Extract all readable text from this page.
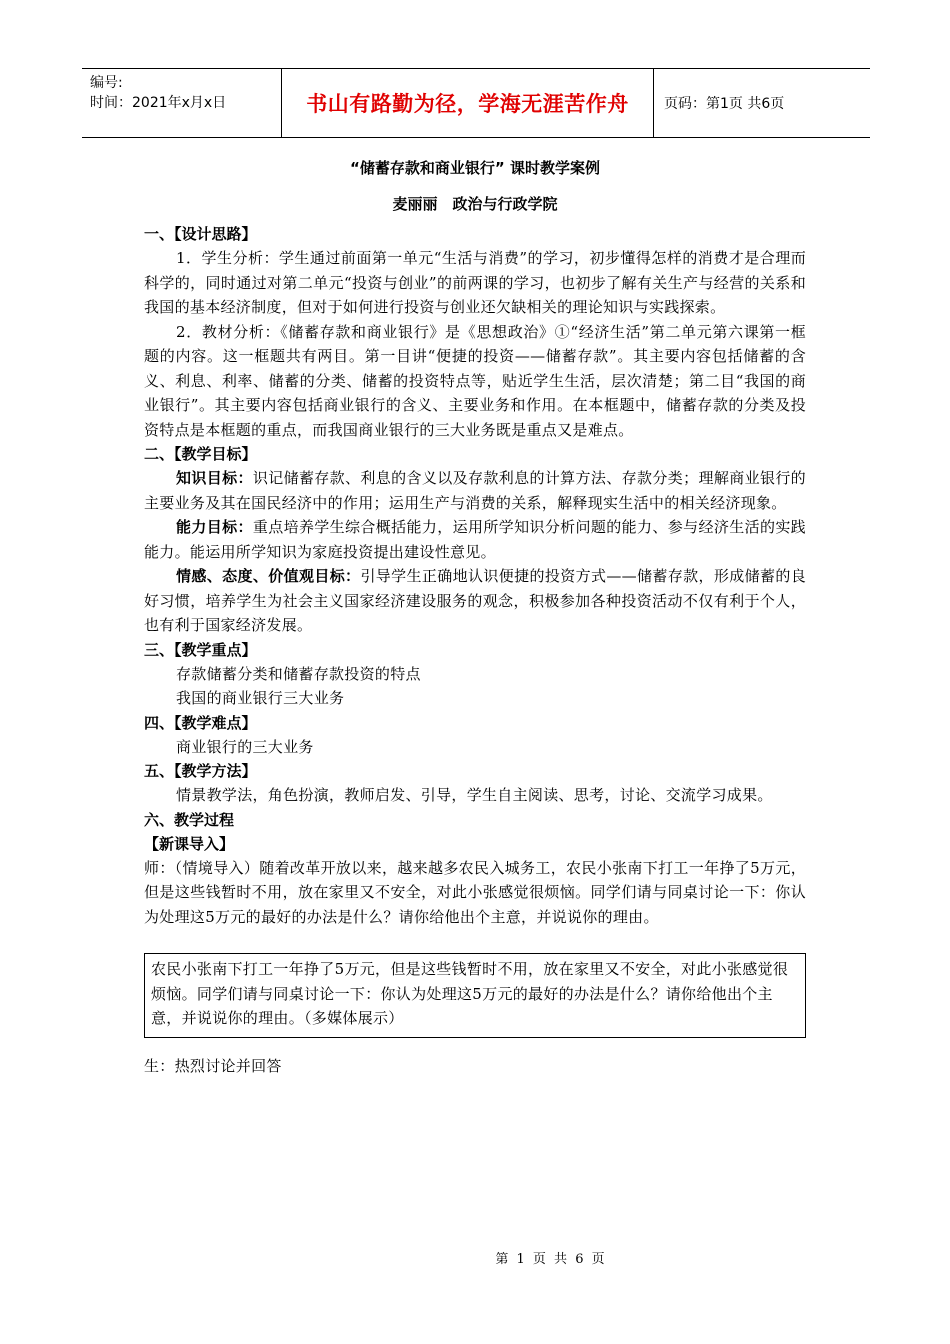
编号:
时间：2021年x月x日	书山有路勤为径，学海无涯苦作舟	页码：第1页 共6页
“储蓄存款和商业银行” 课时教学案例
麦丽丽　政治与行政学院
一、【设计思路】

1．学生分析：学生通过前面第一单元“生活与消费”的学习，初步懂得怎样的消费才是合理而科学的，同时通过对第二单元“投资与创业”的前两课的学习，也初步了解有关生产与经营的关系和我国的基本经济制度，但对于如何进行投资与创业还欠缺相关的理论知识与实践探索。

2．教材分析：《储蓄存款和商业银行》是《思想政治》①“经济生活”第二单元第六课第一框题的内容。这一框题共有两目。第一目讲“便捷的投资——储蓄存款”。其主要内容包括储蓄的含义、利息、利率、储蓄的分类、储蓄的投资特点等，贴近学生生活，层次清楚；第二目“我国的商业银行”。其主要内容包括商业银行的含义、主要业务和作用。在本框题中，储蓄存款的分类及投资特点是本框题的重点，而我国商业银行的三大业务既是重点又是难点。

二、【教学目标】

知识目标：识记储蓄存款、利息的含义以及存款利息的计算方法、存款分类；理解商业银行的主要业务及其在国民经济中的作用；运用生产与消费的关系，解释现实生活中的相关经济现象。

能力目标：重点培养学生综合概括能力，运用所学知识分析问题的能力、参与经济生活的实践能力。能运用所学知识为家庭投资提出建设性意见。

情感、态度、价值观目标：引导学生正确地认识便捷的投资方式——储蓄存款，形成储蓄的良好习惯，培养学生为社会主义国家经济建设服务的观念，积极参加各种投资活动不仅有利于个人，也有利于国家经济发展。

三、【教学重点】

存款储蓄分类和储蓄存款投资的特点

我国的商业银行三大业务

四、【教学难点】

商业银行的三大业务

五、【教学方法】

情景教学法，角色扮演，教师启发、引导，学生自主阅读、思考，讨论、交流学习成果。

六、教学过程
【新课导入】

师：（情境导入）随着改革开放以来，越来越多农民入城务工，农民小张南下打工一年挣了5万元，但是这些钱暂时不用，放在家里又不安全，对此小张感觉很烦恼。同学们请与同桌讨论一下：你认为处理这5万元的最好的办法是什么？请你给他出个主意，并说说你的理由。

农民小张南下打工一年挣了5万元，但是这些钱暂时不用，放在家里又不安全，对此小张感觉很烦恼。同学们请与同桌讨论一下：你认为处理这5万元的最好的办法是什么？请你给他出个主意，并说说你的理由。（多媒体展示）

生：热烈讨论并回答

第 1 页 共 6 页
